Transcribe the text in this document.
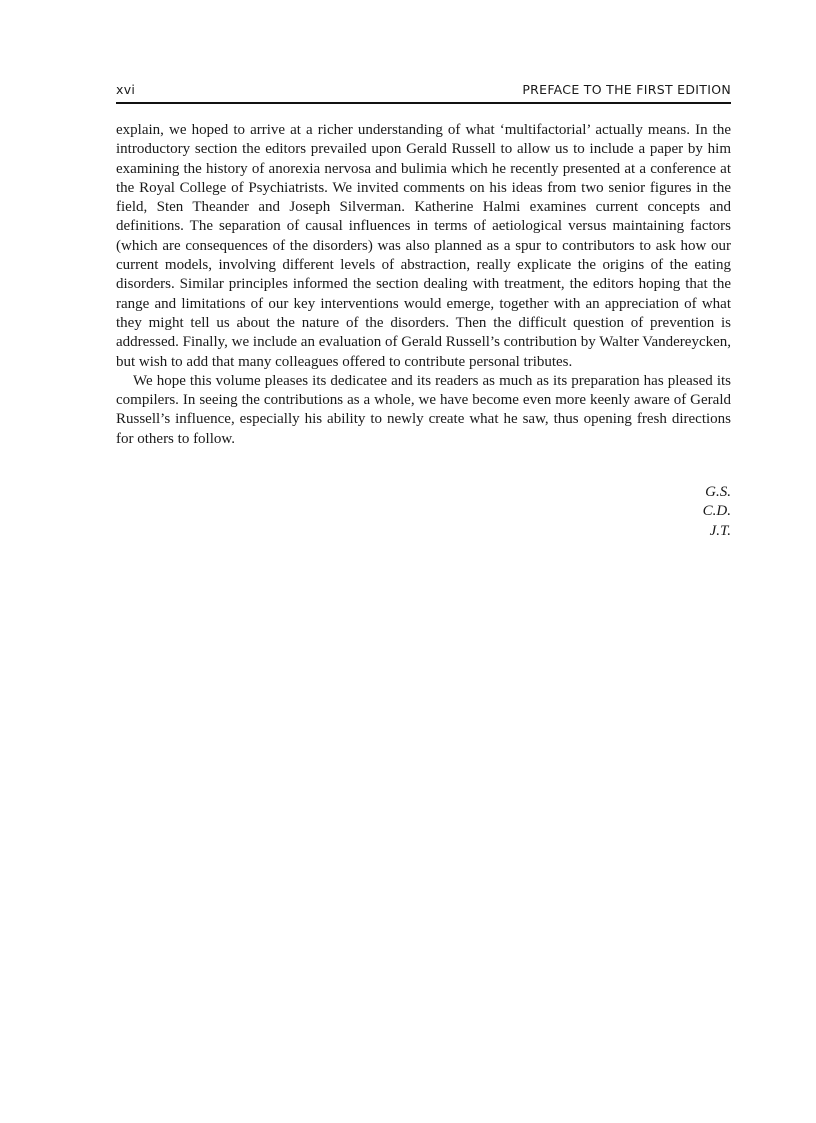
xvi	PREFACE TO THE FIRST EDITION

explain, we hoped to arrive at a richer understanding of what ‘multifactorial’ actually means. In the introductory section the editors prevailed upon Gerald Russell to allow us to include a paper by him examining the history of anorexia nervosa and bulimia which he recently presented at a conference at the Royal College of Psychiatrists. We invited comments on his ideas from two senior figures in the field, Sten Theander and Joseph Silverman. Katherine Halmi examines current concepts and definitions. The separation of causal influences in terms of aetiological versus maintaining factors (which are consequences of the disorders) was also planned as a spur to contributors to ask how our current models, involving different levels of abstraction, really explicate the origins of the eating disorders. Similar principles informed the section dealing with treatment, the editors hoping that the range and limitations of our key interventions would emerge, together with an appreciation of what they might tell us about the nature of the disorders. Then the difficult question of prevention is addressed. Finally, we include an evaluation of Gerald Russell’s contribution by Walter Vandereycken, but wish to add that many colleagues offered to contribute personal tributes.

We hope this volume pleases its dedicatee and its readers as much as its preparation has pleased its compilers. In seeing the contributions as a whole, we have become even more keenly aware of Gerald Russell’s influence, especially his ability to newly create what he saw, thus opening fresh directions for others to follow.

G.S.
C.D.
J.T.
